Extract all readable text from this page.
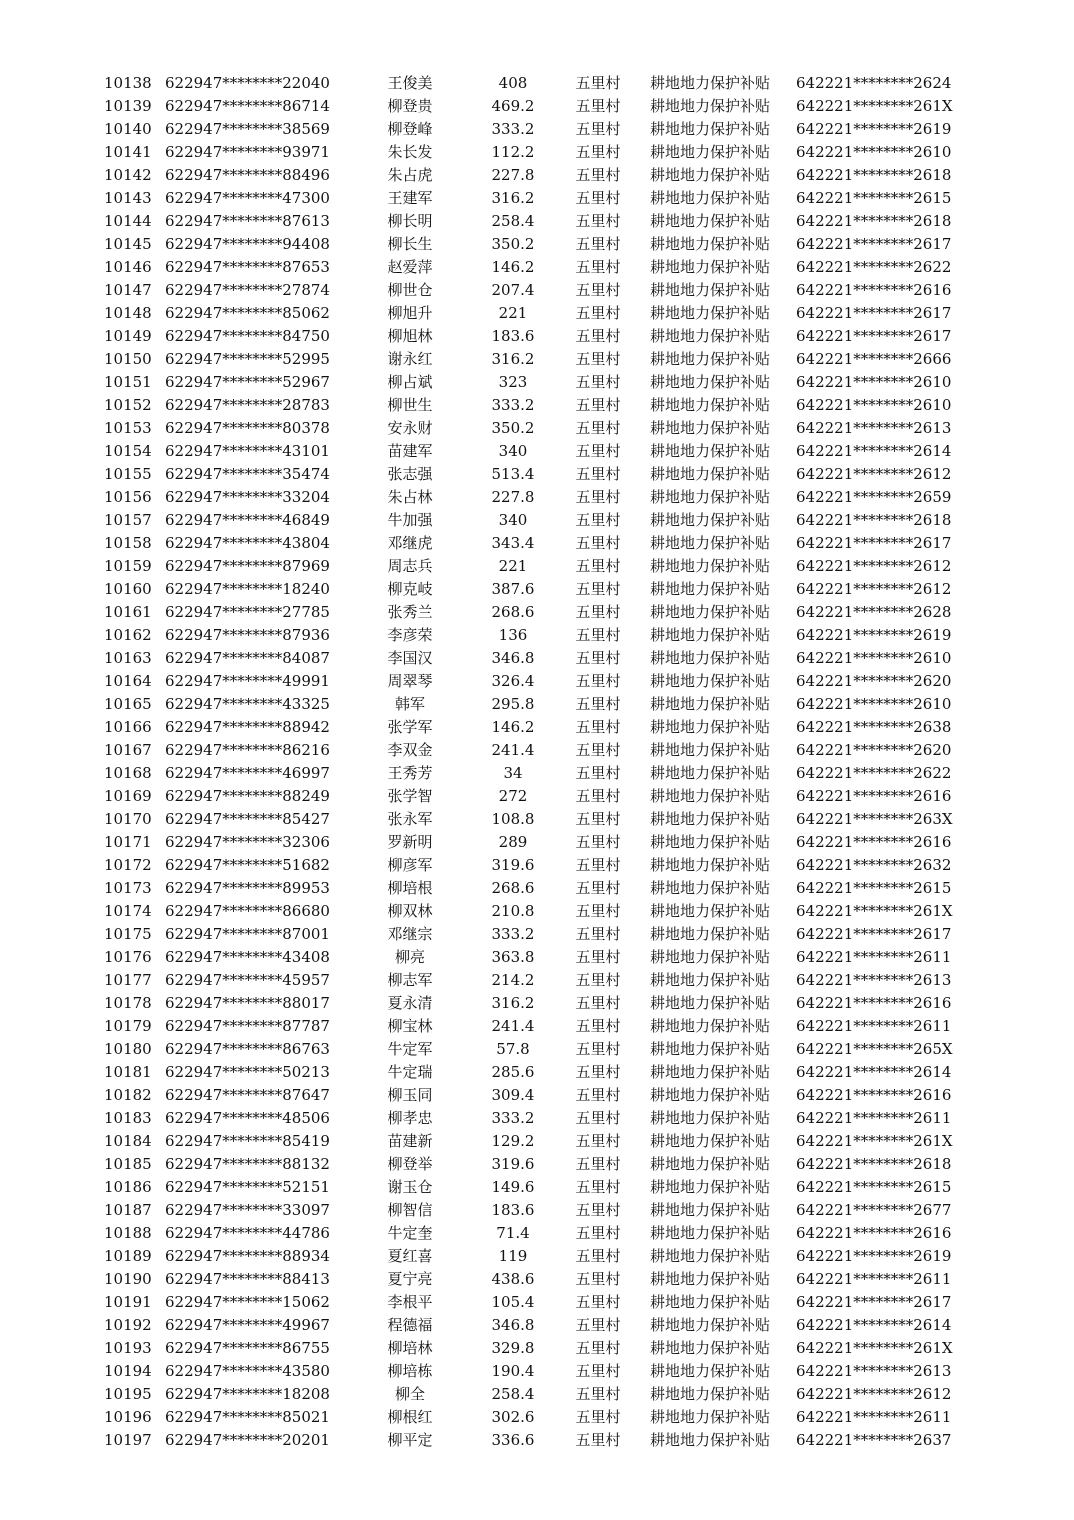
10138 622947********22040	王俊美	408	五里村	耕地地力保护补贴	642221********2624
10139 622947********86714	柳登贵	469.2	五里村	耕地地力保护补贴	642221********261X
10140 622947********38569	柳登峰	333.2	五里村	耕地地力保护补贴	642221********2619
10141 622947********93971	朱长发	112.2	五里村	耕地地力保护补贴	642221********2610
10142 622947********88496	朱占虎	227.8	五里村	耕地地力保护补贴	642221********2618
10143 622947********47300	王建军	316.2	五里村	耕地地力保护补贴	642221********2615
10144 622947********87613	柳长明	258.4	五里村	耕地地力保护补贴	642221********2618
10145 622947********94408	柳长生	350.2	五里村	耕地地力保护补贴	642221********2617
10146 622947********87653	赵爱萍	146.2	五里村	耕地地力保护补贴	642221********2622
10147 622947********27874	柳世仓	207.4	五里村	耕地地力保护补贴	642221********2616
10148 622947********85062	柳旭升	221	五里村	耕地地力保护补贴	642221********2617
10149 622947********84750	柳旭林	183.6	五里村	耕地地力保护补贴	642221********2617
10150 622947********52995	谢永红	316.2	五里村	耕地地力保护补贴	642221********2666
10151 622947********52967	柳占斌	323	五里村	耕地地力保护补贴	642221********2610
10152 622947********28783	柳世生	333.2	五里村	耕地地力保护补贴	642221********2610
10153 622947********80378	安永财	350.2	五里村	耕地地力保护补贴	642221********2613
10154 622947********43101	苗建军	340	五里村	耕地地力保护补贴	642221********2614
10155 622947********35474	张志强	513.4	五里村	耕地地力保护补贴	642221********2612
10156 622947********33204	朱占林	227.8	五里村	耕地地力保护补贴	642221********2659
10157 622947********46849	牛加强	340	五里村	耕地地力保护补贴	642221********2618
10158 622947********43804	邓继虎	343.4	五里村	耕地地力保护补贴	642221********2617
10159 622947********87969	周志兵	221	五里村	耕地地力保护补贴	642221********2612
10160 622947********18240	柳克岐	387.6	五里村	耕地地力保护补贴	642221********2612
10161 622947********27785	张秀兰	268.6	五里村	耕地地力保护补贴	642221********2628
10162 622947********87936	李彦荣	136	五里村	耕地地力保护补贴	642221********2619
10163 622947********84087	李国汉	346.8	五里村	耕地地力保护补贴	642221********2610
10164 622947********49991	周翠琴	326.4	五里村	耕地地力保护补贴	642221********2620
10165 622947********43325	韩军	295.8	五里村	耕地地力保护补贴	642221********2610
10166 622947********88942	张学军	146.2	五里村	耕地地力保护补贴	642221********2638
10167 622947********86216	李双金	241.4	五里村	耕地地力保护补贴	642221********2620
10168 622947********46997	王秀芳	34	五里村	耕地地力保护补贴	642221********2622
10169 622947********88249	张学智	272	五里村	耕地地力保护补贴	642221********2616
10170 622947********85427	张永军	108.8	五里村	耕地地力保护补贴	642221********263X
10171 622947********32306	罗新明	289	五里村	耕地地力保护补贴	642221********2616
10172 622947********51682	柳彦军	319.6	五里村	耕地地力保护补贴	642221********2632
10173 622947********89953	柳培根	268.6	五里村	耕地地力保护补贴	642221********2615
10174 622947********86680	柳双林	210.8	五里村	耕地地力保护补贴	642221********261X
10175 622947********87001	邓继宗	333.2	五里村	耕地地力保护补贴	642221********2617
10176 622947********43408	柳亮	363.8	五里村	耕地地力保护补贴	642221********2611
10177 622947********45957	柳志军	214.2	五里村	耕地地力保护补贴	642221********2613
10178 622947********88017	夏永清	316.2	五里村	耕地地力保护补贴	642221********2616
10179 622947********87787	柳宝林	241.4	五里村	耕地地力保护补贴	642221********2611
10180 622947********86763	牛定军	57.8	五里村	耕地地力保护补贴	642221********265X
10181 622947********50213	牛定瑞	285.6	五里村	耕地地力保护补贴	642221********2614
10182 622947********87647	柳玉同	309.4	五里村	耕地地力保护补贴	642221********2616
10183 622947********48506	柳孝忠	333.2	五里村	耕地地力保护补贴	642221********2611
10184 622947********85419	苗建新	129.2	五里村	耕地地力保护补贴	642221********261X
10185 622947********88132	柳登举	319.6	五里村	耕地地力保护补贴	642221********2618
10186 622947********52151	谢玉仓	149.6	五里村	耕地地力保护补贴	642221********2615
10187 622947********33097	柳智信	183.6	五里村	耕地地力保护补贴	642221********2677
10188 622947********44786	牛定奎	71.4	五里村	耕地地力保护补贴	642221********2616
10189 622947********88934	夏红喜	119	五里村	耕地地力保护补贴	642221********2619
10190 622947********88413	夏宁亮	438.6	五里村	耕地地力保护补贴	642221********2611
10191 622947********15062	李根平	105.4	五里村	耕地地力保护补贴	642221********2617
10192 622947********49967	程德福	346.8	五里村	耕地地力保护补贴	642221********2614
10193 622947********86755	柳培林	329.8	五里村	耕地地力保护补贴	642221********261X
10194 622947********43580	柳培栋	190.4	五里村	耕地地力保护补贴	642221********2613
10195 622947********18208	柳全	258.4	五里村	耕地地力保护补贴	642221********2612
10196 622947********85021	柳根红	302.6	五里村	耕地地力保护补贴	642221********2611
10197 622947********20201	柳平定	336.6	五里村	耕地地力保护补贴	642221********2637
